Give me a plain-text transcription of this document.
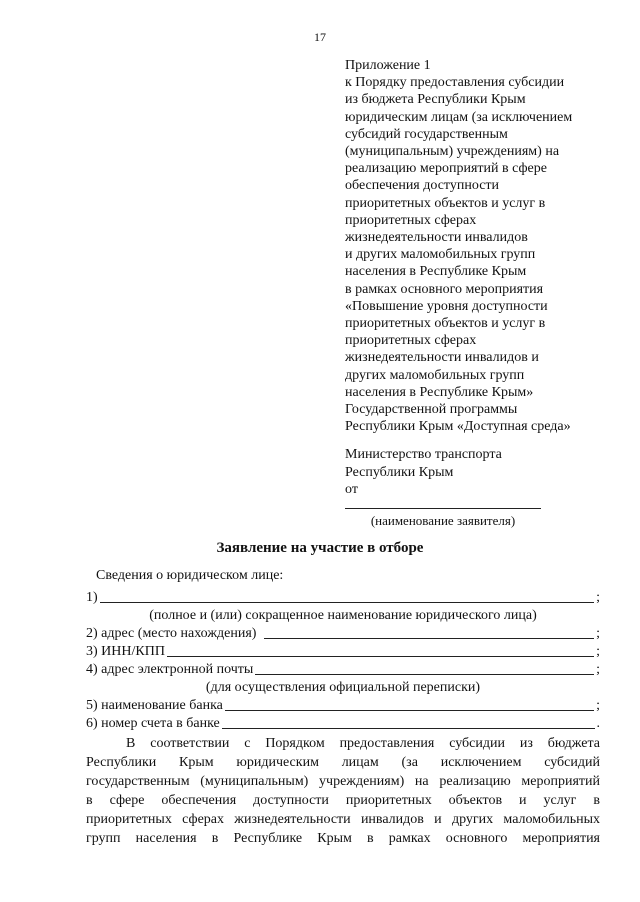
17
Приложение 1
к Порядку предоставления субсидии
из бюджета Республики Крым
юридическим лицам (за исключением
субсидий государственным
(муниципальным) учреждениям) на
реализацию мероприятий в сфере
обеспечения доступности
приоритетных объектов и услуг в
приоритетных сферах
жизнедеятельности инвалидов
и других маломобильных групп
населения в Республике Крым
в рамках основного мероприятия
«Повышение уровня доступности
приоритетных объектов и услуг в
приоритетных сферах
жизнедеятельности инвалидов и
других маломобильных групп
населения в Республике Крым»
Государственной программы
Республики Крым «Доступная среда»
Министерство транспорта
Республики Крым
от
(наименование заявителя)
Заявление на участие в отборе
Сведения о юридическом лице:
1)	;
(полное и (или) сокращенное наименование юридического лица)
2) адрес (место нахождения)	;
3) ИНН/КПП	;
4) адрес электронной почты	;
(для осуществления официальной переписки)
5) наименование банка	;
6) номер счета в банке	.
В соответствии с Порядком предоставления субсидии из бюджета
Республики Крым юридическим лицам (за исключением субсидий
государственным (муниципальным) учреждениям) на реализацию мероприятий
в сфере обеспечения доступности приоритетных объектов и услуг в
приоритетных сферах жизнедеятельности инвалидов и других маломобильных
групп населения в Республике Крым в рамках основного мероприятия
